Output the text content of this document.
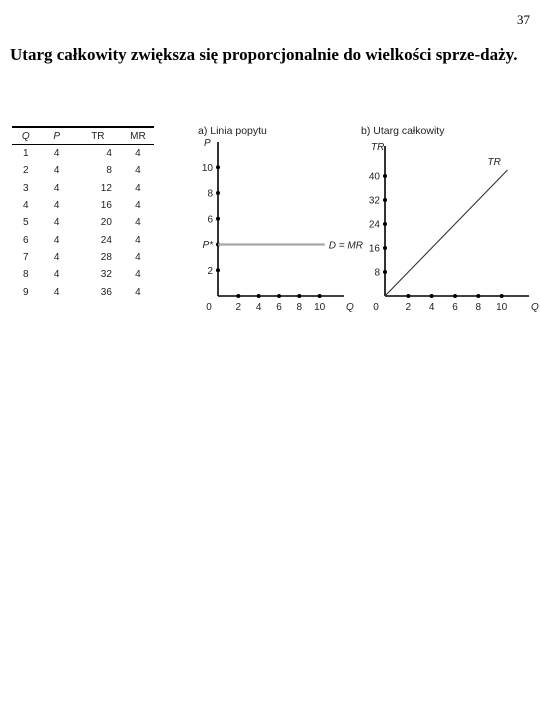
37
Utarg całkowity zwiększa się proporcjonalnie do wielkości sprze-daży.
Q	P	TR	MR
1	4	4	4
2	4	8	4
3	4	12	4
4	4	16	4
5	4	20	4
6	4	24	4
7	4	28	4
8	4	32	4
9	4	36	4
a) Linia popytu
P
Q
0 2 4 6 8 10
2
P*
6
8
10
D = MR
b) Utarg całkowity
TR
Q
0	2 4 6 8 10
8
16
24
32
40
TR
